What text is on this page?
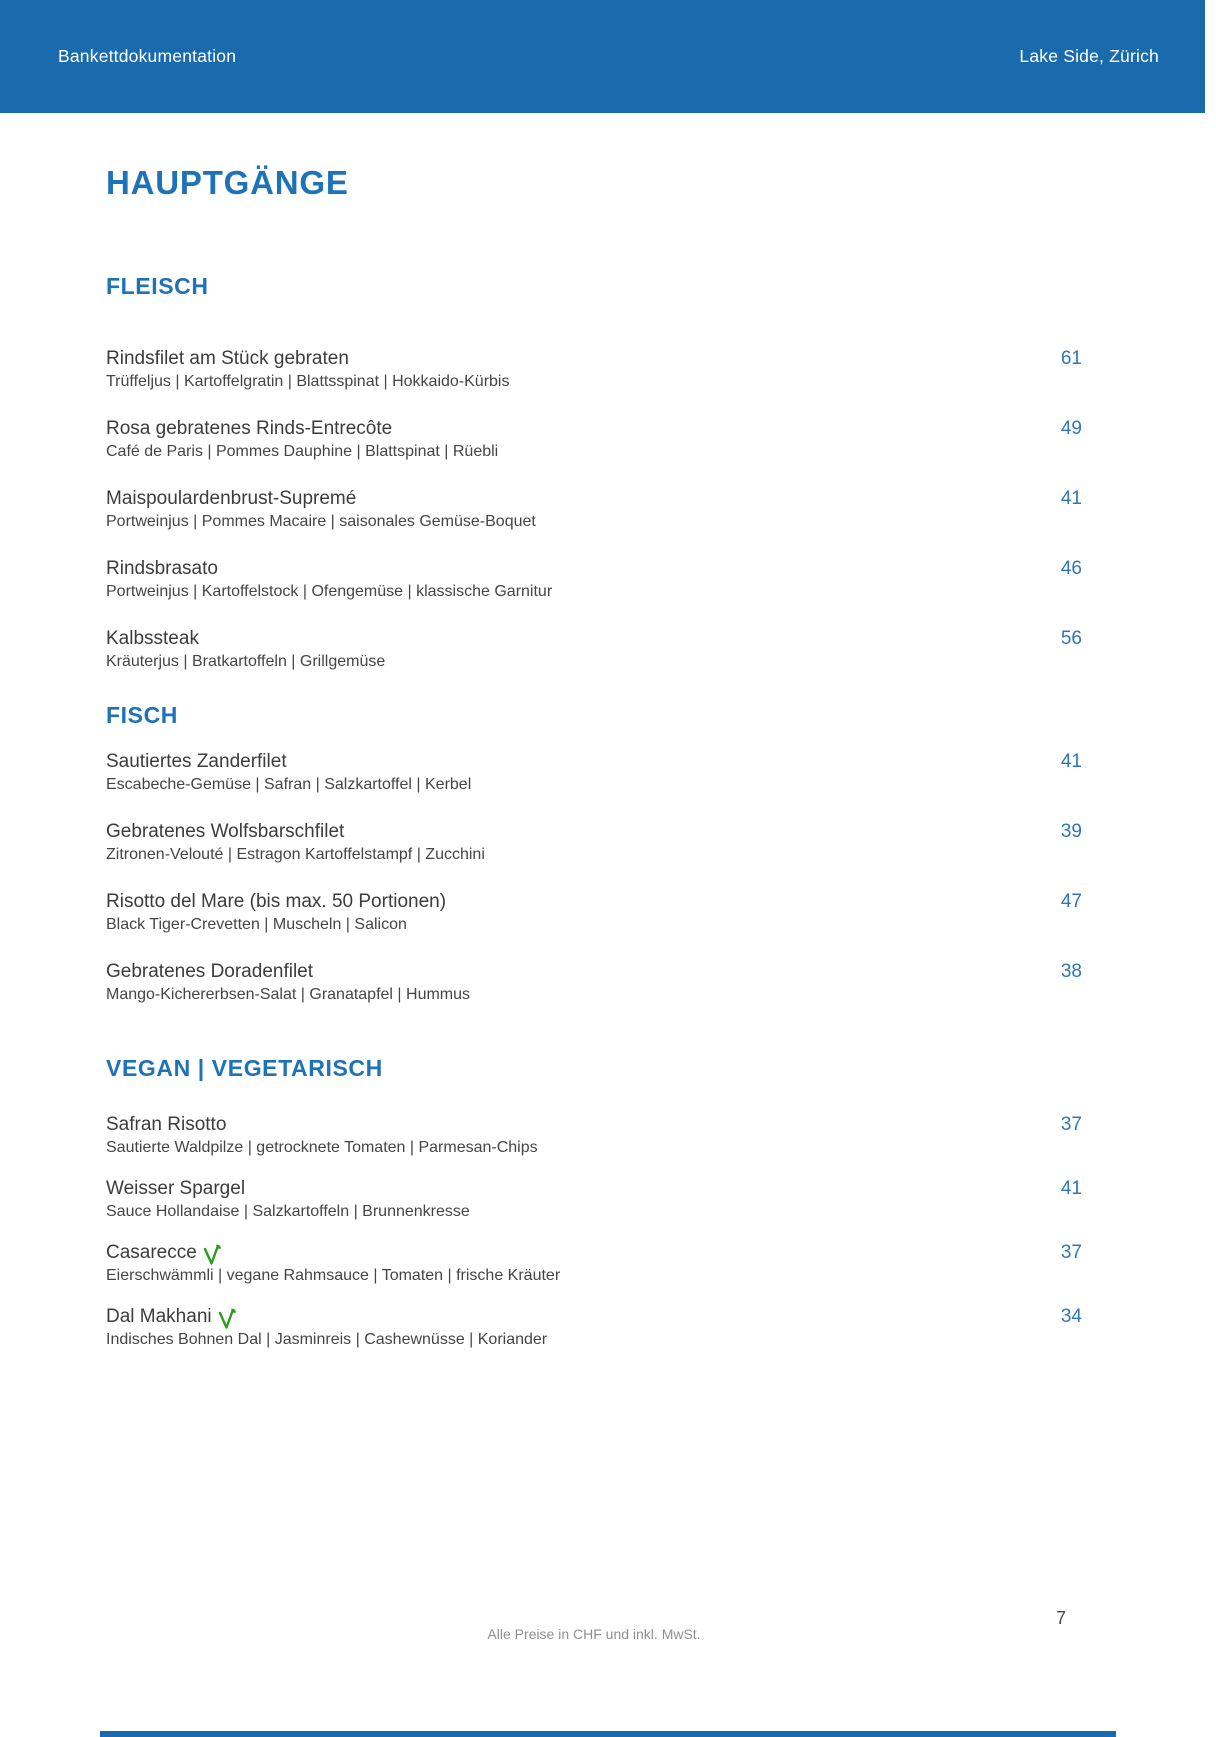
Bankettdokumentation	Lake Side, Zürich
HAUPTGÄNGE
FLEISCH
Rindsfilet am Stück gebraten	61
Trüffeljus | Kartoffelgratin | Blattsspinat | Hokkaido-Kürbis
Rosa gebratenes Rinds-Entrecôte	49
Café de Paris | Pommes Dauphine | Blattspinat | Rüebli
Maispoulardenbrust-Supremé	41
Portweinjus | Pommes Macaire | saisonales Gemüse-Boquet
Rindsbrasato	46
Portweinjus | Kartoffelstock | Ofengemüse | klassische Garnitur
Kalbssteak	56
Kräuterjus | Bratkartoffeln | Grillgemüse
FISCH
Sautiertes Zanderfilet	41
Escabeche-Gemüse | Safran | Salzkartoffel | Kerbel
Gebratenes Wolfsbarschfilet	39
Zitronen-Velouté | Estragon Kartoffelstampf | Zucchini
Risotto del Mare (bis max. 50 Portionen)	47
Black Tiger-Crevetten | Muscheln | Salicon
Gebratenes Doradenfilet	38
Mango-Kichererbsen-Salat | Granatapfel | Hummus
VEGAN | VEGETARISCH
Safran Risotto	37
Sautierte Waldpilze | getrocknete Tomaten | Parmesan-Chips
Weisser Spargel	41
Sauce Hollandaise | Salzkartoffeln | Brunnenkresse
Casarecce	37
Eierschwämmli | vegane Rahmsauce | Tomaten | frische Kräuter
Dal Makhani	34
Indisches Bohnen Dal | Jasminreis | Cashewnüsse | Koriander
Alle Preise in CHF und inkl. MwSt.
7
